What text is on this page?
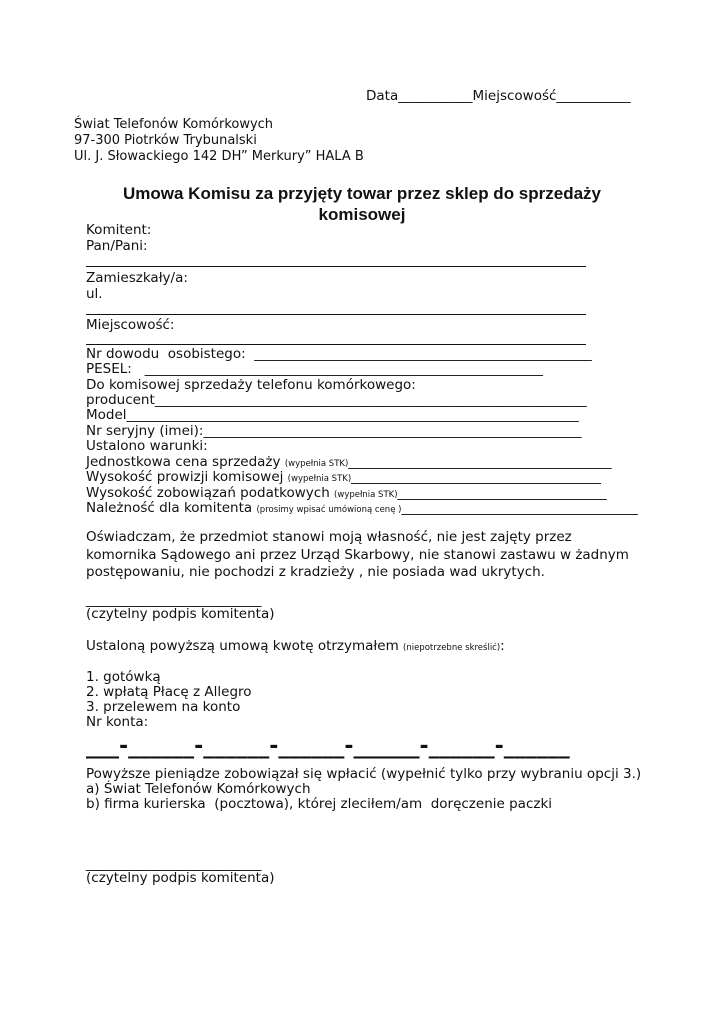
Data___________Miejscowość___________
Świat Telefonów Komórkowych
97-300 Piotrków Trybunalski
Ul. J. Słowackiego 142 DH” Merkury” HALA B
Umowa Komisu za przyjęty towar przez sklep do sprzedaży komisowej
Komitent:
Pan/Pani:
Zamieszkały/a:
ul.
Miejscowość:
Nr dowodu  osobistego:  __________________________________________________
PESEL:   ___________________________________________________________
Do komisowej sprzedaży telefonu komórkowego:
producent________________________________________________________________
Model___________________________________________________________________
Nr seryjny (imei):________________________________________________________
Ustalono warunki:
Jednostkowa cena sprzedaży (wypełnia STK)_______________________________________
Wysokość prowizji komisowej (wypełnia STK)_____________________________________
Wysokość zobowiązań podatkowych (wypełnia STK)_______________________________
Należność dla komitenta (prosimy wpisać umówioną cenę )___________________________________
Oświadczam, że przedmiot stanowi moją własność, nie jest zajęty przez komornika Sądowego ani przez Urząd Skarbowy, nie stanowi zastawu w żadnym postępowaniu, nie pochodzi z kradzieży , nie posiada wad ukrytych.
__________________________
(czytelny podpis komitenta)
Ustaloną powyższą umową kwotę otrzymałem (niepotrzebne skreślić):
1. gotówką
2. wpłatą Płacę z Allegro
3. przelewem na konto
Nr konta:
___-______-______-______-______-______-______
Powyższe pieniądze zobowiązał się wpłacić (wypełnić tylko przy wybraniu opcji 3.)
a) Świat Telefonów Komórkowych
b) firma kurierska  (pocztowa), której zleciłem/am  doręczenie paczki
__________________________
(czytelny podpis komitenta)
